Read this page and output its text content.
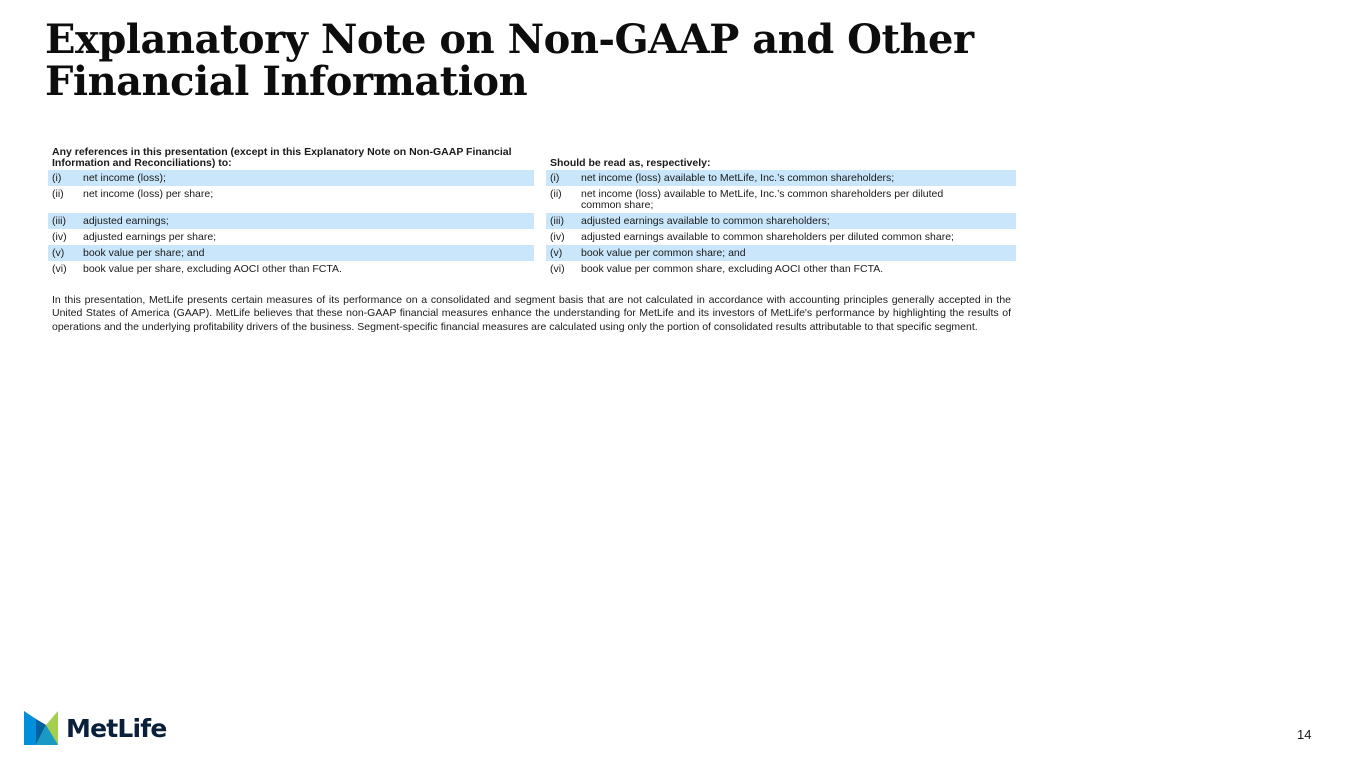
Explanatory Note on Non-GAAP and Other
Financial Information
Any references in this presentation (except in this Explanatory Note on Non-GAAP Financial Information and Reconciliations) to:
(i)	net income (loss);
(ii)	net income (loss) per share;
(iii)	adjusted earnings;
(iv)	adjusted earnings per share;
(v)	book value per share; and
(vi)	book value per share, excluding AOCI other than FCTA.
Should be read as, respectively:
(i)	net income (loss) available to MetLife, Inc.’s common shareholders;
(ii)	net income (loss) available to MetLife, Inc.’s common shareholders per diluted common share;
(iii)	adjusted earnings available to common shareholders;
(iv)	adjusted earnings available to common shareholders per diluted common share;
(v)	book value per common share; and
(vi)	book value per common share, excluding AOCI other than FCTA.

In this presentation, MetLife presents certain measures of its performance on a consolidated and segment basis that are not calculated in accordance with accounting principles generally accepted in the United States of America (GAAP). MetLife believes that these non-GAAP financial measures enhance the understanding for MetLife and its investors of MetLife's performance by highlighting the results of operations and the underlying profitability drivers of the business. Segment-specific financial measures are calculated using only the portion of consolidated results attributable to that specific segment.

MetLife	14
